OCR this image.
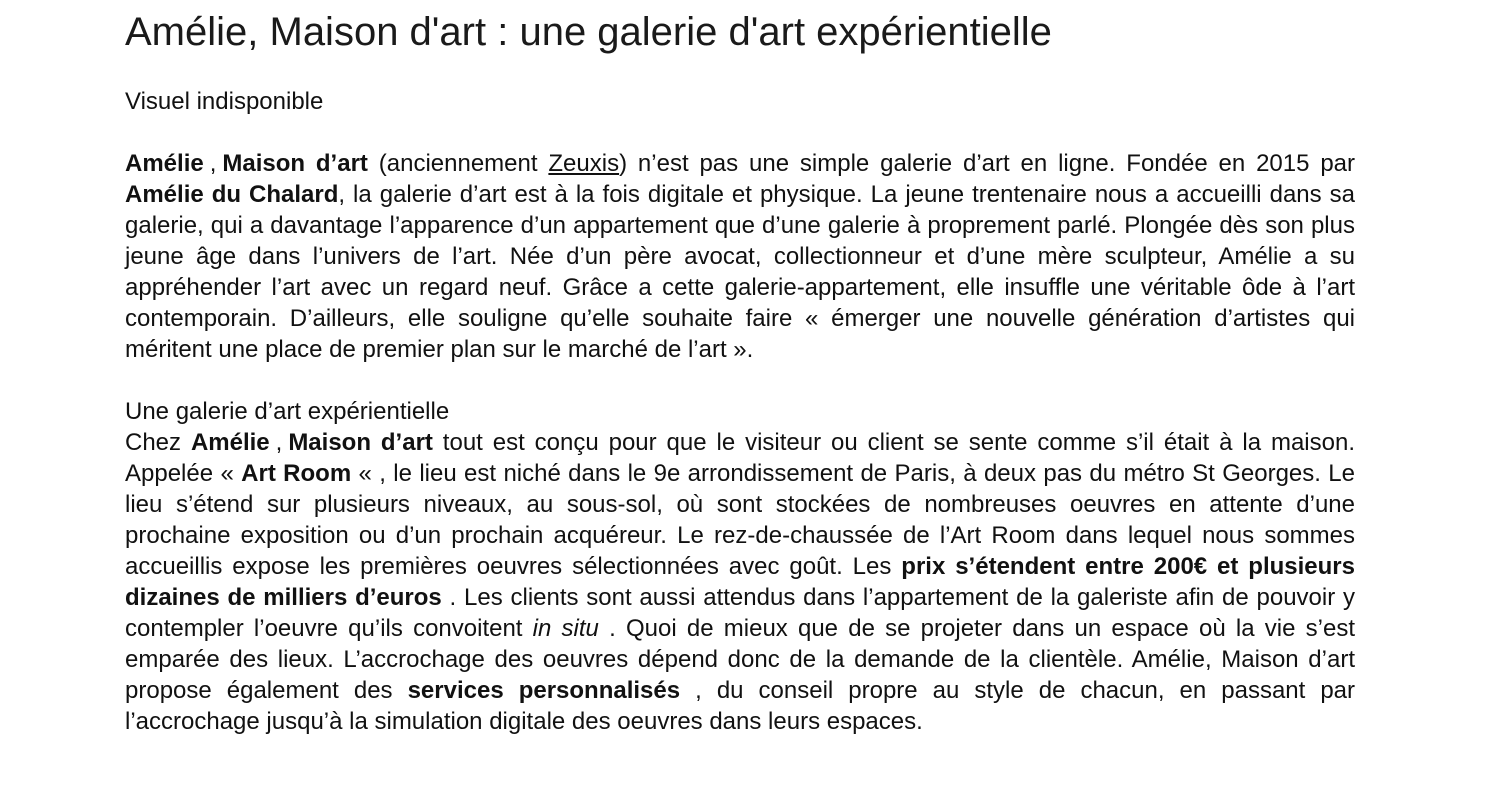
Amélie, Maison d'art : une galerie d'art expérientielle
Visuel indisponible

Amélie , Maison d’art (anciennement Zeuxis) n’est pas une simple galerie d’art en ligne. Fondée en 2015 par Amélie du Chalard, la galerie d’art est à la fois digitale et physique. La jeune trentenaire nous a accueilli dans sa galerie, qui a davantage l’apparence d’un appartement que d’une galerie à proprement parlé. Plongée dès son plus jeune âge dans l’univers de l’art. Née d’un père avocat, collectionneur et d’une mère sculpteur, Amélie a su appréhender l’art avec un regard neuf. Grâce a cette galerie-appartement, elle insuffle une véritable ôde à l’art contemporain. D’ailleurs, elle souligne qu’elle souhaite faire « émerger une nouvelle génération d’artistes qui méritent une place de premier plan sur le marché de l’art ».

Une galerie d’art expérientielle

Chez Amélie , Maison d’art tout est conçu pour que le visiteur ou client se sente comme s’il était à la maison. Appelée « Art Room « , le lieu est niché dans le 9e arrondissement de Paris, à deux pas du métro St Georges. Le lieu s’étend sur plusieurs niveaux, au sous-sol, où sont stockées de nombreuses oeuvres en attente d’une prochaine exposition ou d’un prochain acquéreur. Le rez-de-chaussée de l’Art Room dans lequel nous sommes accueillis expose les premières oeuvres sélectionnées avec goût. Les prix s’étendent entre 200€ et plusieurs dizaines de milliers d’euros . Les clients sont aussi attendus dans l’appartement de la galeriste afin de pouvoir y contempler l’oeuvre qu’ils convoitent in situ . Quoi de mieux que de se projeter dans un espace où la vie s’est emparée des lieux. L’accrochage des oeuvres dépend donc de la demande de la clientèle. Amélie, Maison d’art propose également des services personnalisés , du conseil propre au style de chacun, en passant par l’accrochage jusqu’à la simulation digitale des oeuvres dans leurs espaces.
